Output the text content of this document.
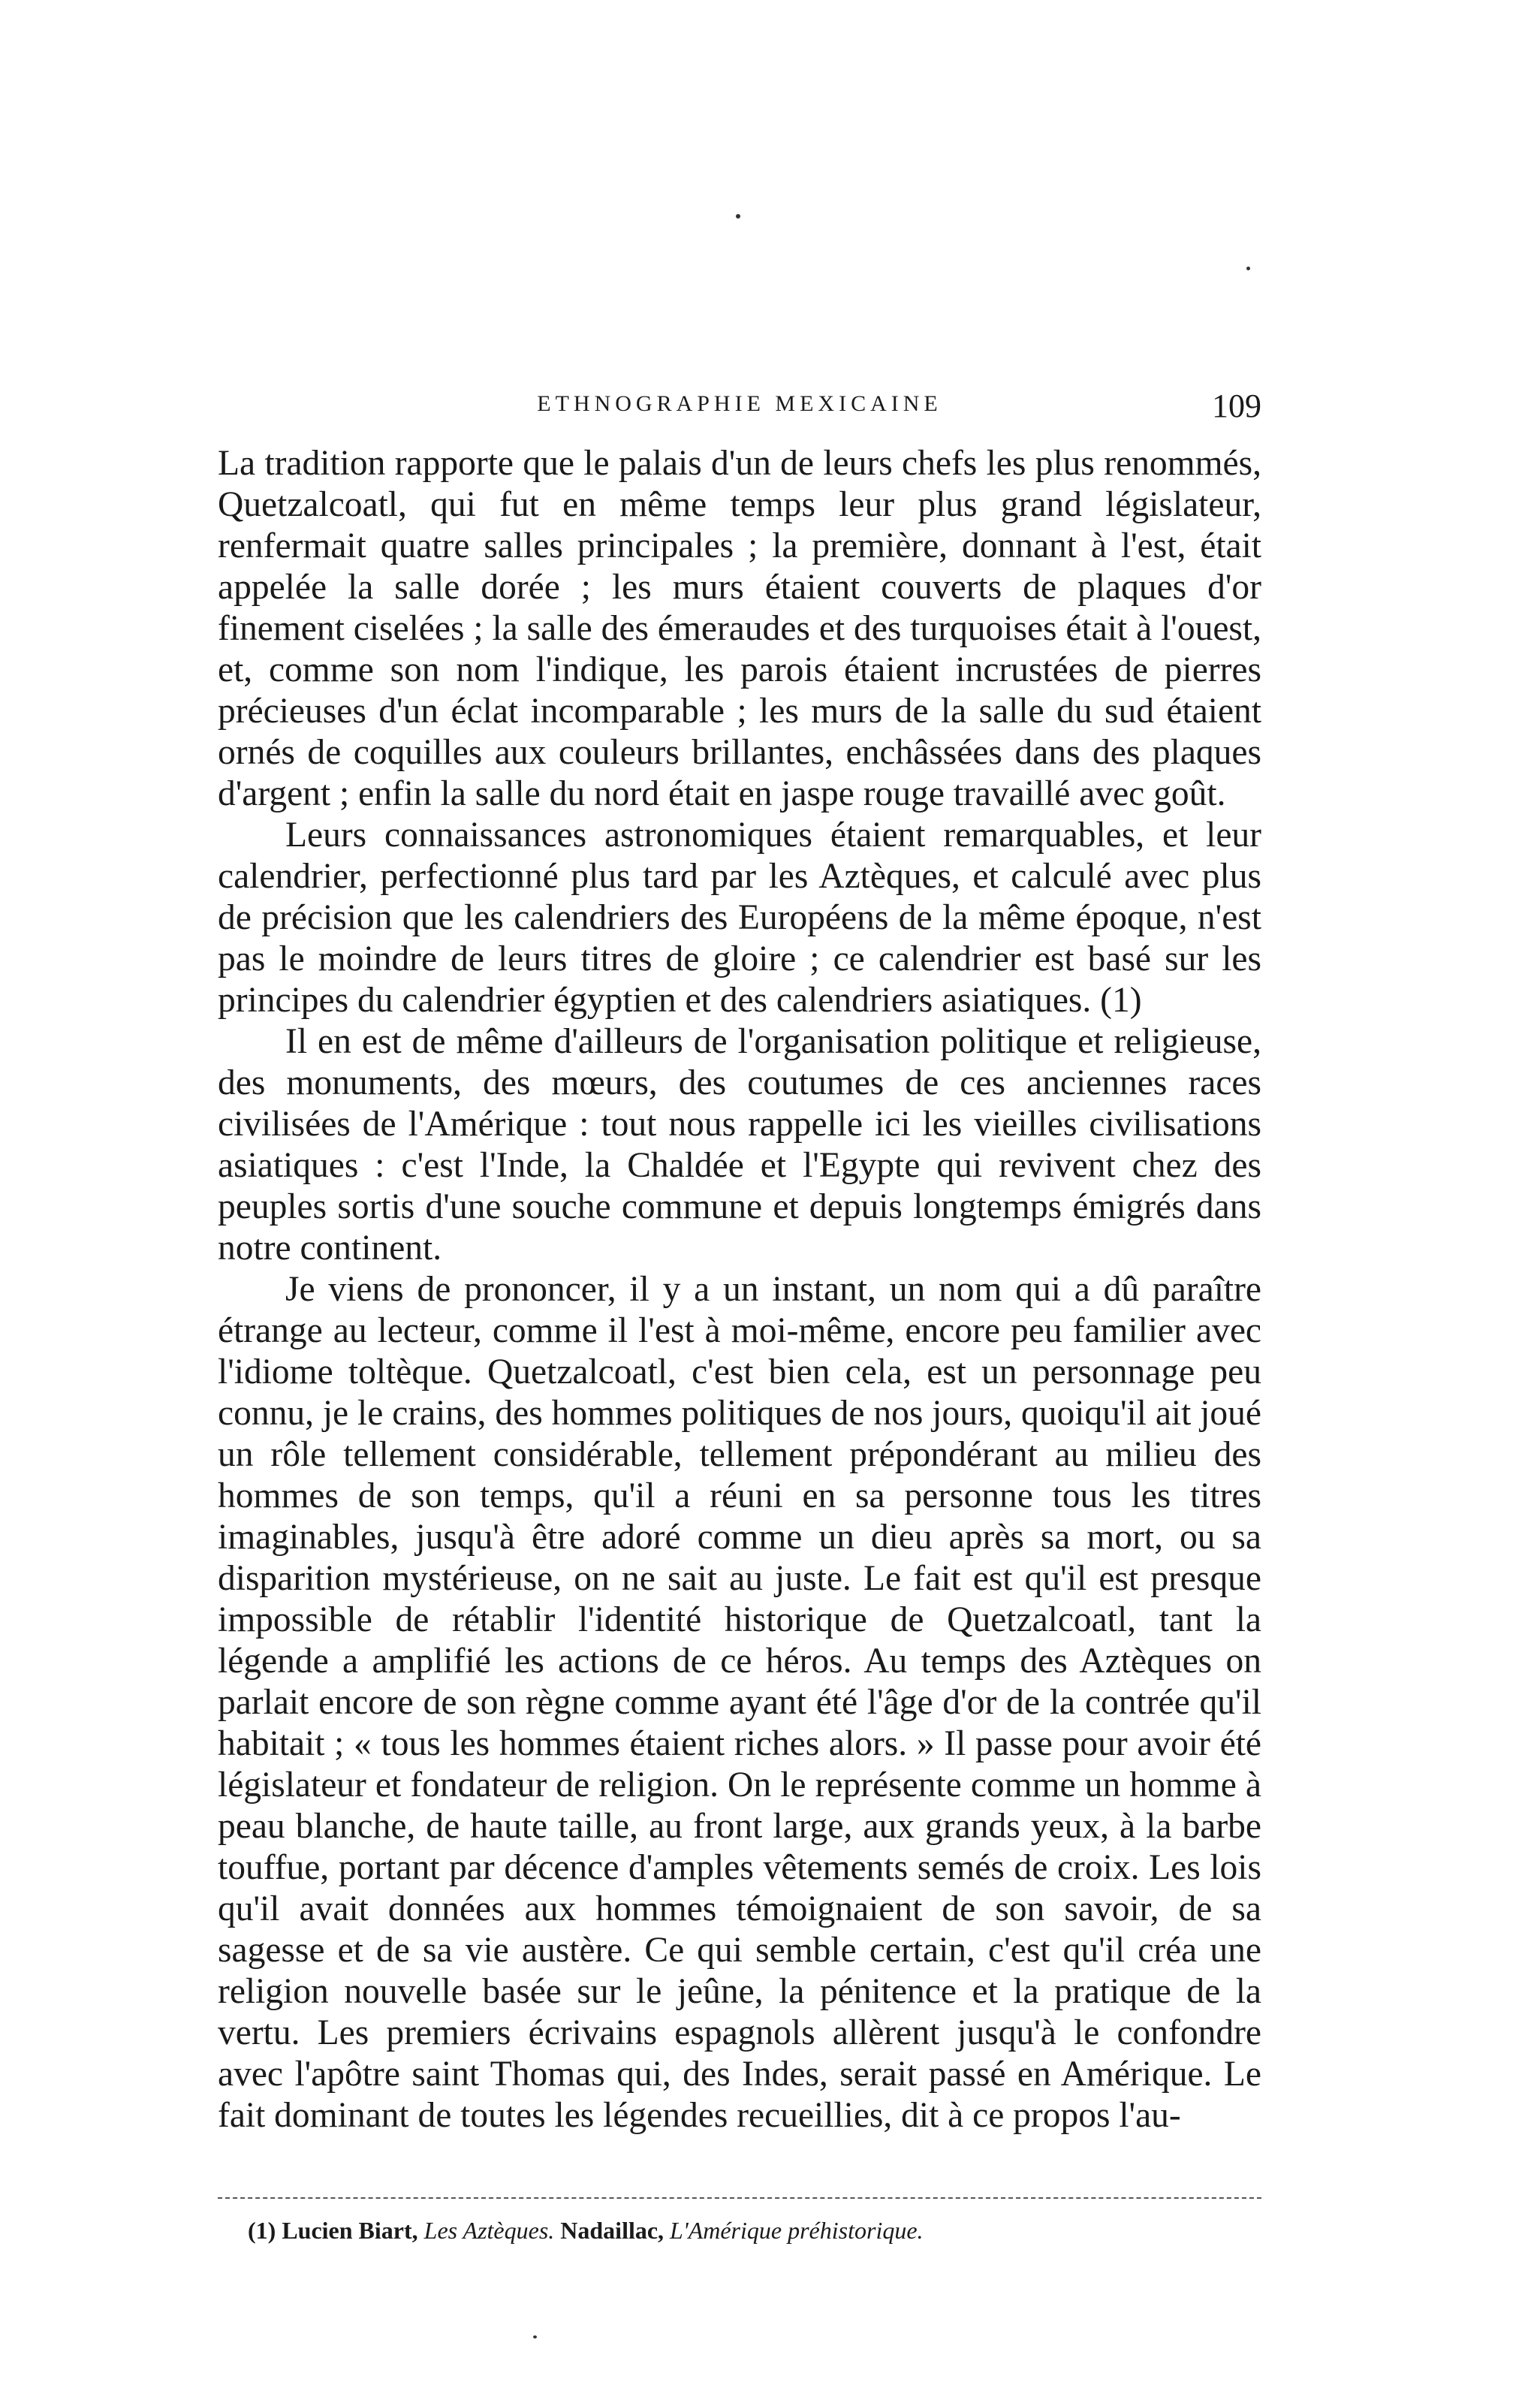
ETHNOGRAPHIE MEXICAINE	109

La tradition rapporte que le palais d'un de leurs chefs les plus renommés, Quetzalcoatl, qui fut en même temps leur plus grand législateur, renfermait quatre salles principales ; la première, donnant à l'est, était appelée la salle dorée ; les murs étaient couverts de plaques d'or finement ciselées ; la salle des émeraudes et des turquoises était à l'ouest, et, comme son nom l'indique, les parois étaient incrustées de pierres précieuses d'un éclat incomparable ; les murs de la salle du sud étaient ornés de coquilles aux couleurs brillantes, enchâssées dans des plaques d'argent ; enfin la salle du nord était en jaspe rouge travaillé avec goût.

Leurs connaissances astronomiques étaient remarquables, et leur calendrier, perfectionné plus tard par les Aztèques, et calculé avec plus de précision que les calendriers des Européens de la même époque, n'est pas le moindre de leurs titres de gloire ; ce calendrier est basé sur les principes du calendrier égyptien et des calendriers asiatiques. (1)

Il en est de même d'ailleurs de l'organisation politique et religieuse, des monuments, des mœurs, des coutumes de ces anciennes races civilisées de l'Amérique : tout nous rappelle ici les vieilles civilisations asiatiques : c'est l'Inde, la Chaldée et l'Egypte qui revivent chez des peuples sortis d'une souche commune et depuis longtemps émigrés dans notre continent.

Je viens de prononcer, il y a un instant, un nom qui a dû paraître étrange au lecteur, comme il l'est à moi-même, encore peu familier avec l'idiome toltèque. Quetzalcoatl, c'est bien cela, est un personnage peu connu, je le crains, des hommes politiques de nos jours, quoiqu'il ait joué un rôle tellement considérable, tellement prépondérant au milieu des hommes de son temps, qu'il a réuni en sa personne tous les titres imaginables, jusqu'à être adoré comme un dieu après sa mort, ou sa disparition mystérieuse, on ne sait au juste. Le fait est qu'il est presque impossible de rétablir l'identité historique de Quetzalcoatl, tant la légende a amplifié les actions de ce héros. Au temps des Aztèques on parlait encore de son règne comme ayant été l'âge d'or de la contrée qu'il habitait ; « tous les hommes étaient riches alors. » Il passe pour avoir été législateur et fondateur de religion. On le représente comme un homme à peau blanche, de haute taille, au front large, aux grands yeux, à la barbe touffue, portant par décence d'amples vêtements semés de croix. Les lois qu'il avait données aux hommes témoignaient de son savoir, de sa sagesse et de sa vie austère. Ce qui semble certain, c'est qu'il créa une religion nouvelle basée sur le jeûne, la pénitence et la pratique de la vertu. Les premiers écrivains espagnols allèrent jusqu'à le confondre avec l'apôtre saint Thomas qui, des Indes, serait passé en Amérique. Le fait dominant de toutes les légendes recueillies, dit à ce propos l'au-

(1) Lucien Biart, Les Aztèques. Nadaillac, L'Amérique préhistorique.
